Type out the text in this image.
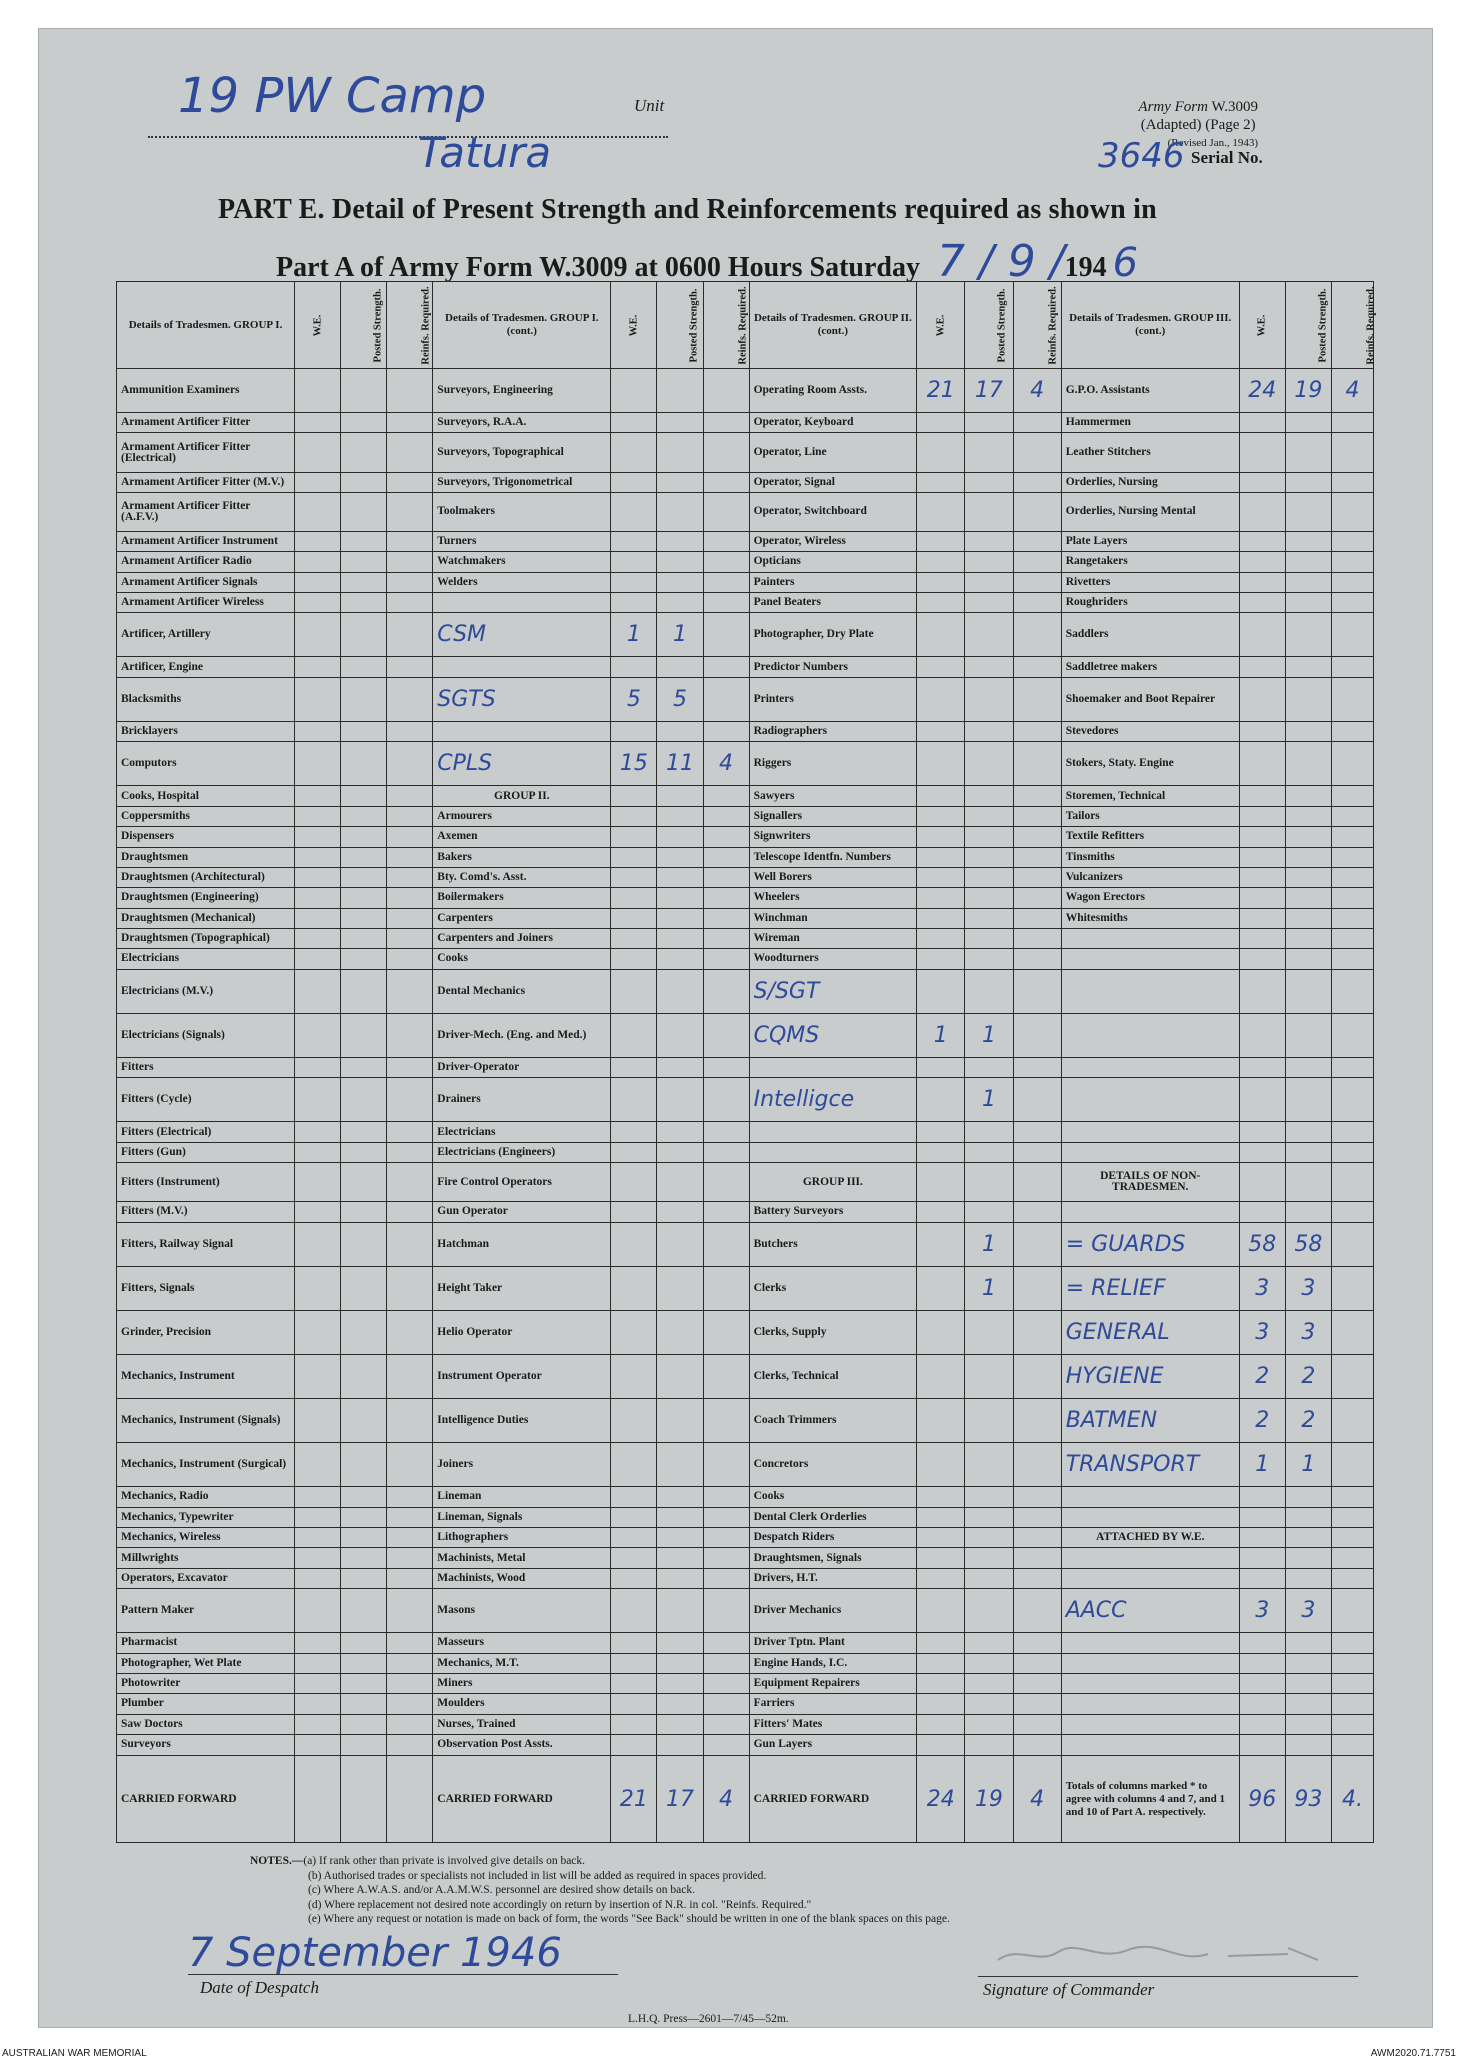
19 PW Camp	Unit
Tatura
Army Form W.3009
(Adapted) (Page 2)
(Revised Jan., 1943)
3646 Serial No.
PART E. Detail of Present Strength and Reinforcements required as shown in
Part A of Army Form W.3009 at 0600 Hours Saturday 7 / 9 /194 6
Details of Tradesmen. GROUP I.	W.E.	Posted Strength.	Reinfs. Required.	Details of Tradesmen. GROUP I. (cont.)	W.E.	Posted Strength.	Reinfs. Required.	Details of Tradesmen. GROUP II. (cont.)	W.E.	Posted Strength.	Reinfs. Required.	Details of Tradesmen. GROUP III. (cont.)	W.E.	Posted Strength.	Reinfs. Required.
Ammunition Examiners				Surveyors, Engineering				Operating Room Assts.	21	17	4	G.P.O. Assistants	24	19	4
Armament Artificer Fitter				Surveyors, R.A.A.				Operator, Keyboard				Hammermen			
Armament Artificer Fitter (Electrical)				Surveyors, Topographical				Operator, Line				Leather Stitchers			
Armament Artificer Fitter (M.V.)				Surveyors, Trigonometrical				Operator, Signal				Orderlies, Nursing			
Armament Artificer Fitter (A.F.V.)				Toolmakers				Operator, Switchboard				Orderlies, Nursing Mental			
Armament Artificer Instrument				Turners				Operator, Wireless				Plate Layers			
Armament Artificer Radio				Watchmakers				Opticians				Rangetakers			
Armament Artificer Signals				Welders				Painters				Rivetters			
Armament Artificer Wireless								Panel Beaters				Roughriders			
Artificer, Artillery				CSM	1	1		Photographer, Dry Plate				Saddlers			
Artificer, Engine								Predictor Numbers				Saddletree makers			
Blacksmiths				SGTS	5	5		Printers				Shoemaker and Boot Repairer			
Bricklayers								Radiographers				Stevedores			
Computors				CPLS	15	11	4	Riggers				Stokers, Staty. Engine			
Cooks, Hospital				GROUP II.				Sawyers				Storemen, Technical			
Coppersmiths				Armourers				Signallers				Tailors			
Dispensers				Axemen				Signwriters				Textile Refitters			
Draughtsmen				Bakers				Telescope Identfn. Numbers				Tinsmiths			
Draughtsmen (Architectural)				Bty. Comd's. Asst.				Well Borers				Vulcanizers			
Draughtsmen (Engineering)				Boilermakers				Wheelers				Wagon Erectors			
Draughtsmen (Mechanical)				Carpenters				Winchman				Whitesmiths			
Draughtsmen (Topographical)				Carpenters and Joiners				Wireman							
Electricians				Cooks				Woodturners							
Electricians (M.V.)				Dental Mechanics				S/SGT							
Electricians (Signals)				Driver-Mech. (Eng. and Med.)				CQMS	1	1					
Fitters				Driver-Operator											
Fitters (Cycle)				Drainers				Intelligce		1					
Fitters (Electrical)				Electricians											
Fitters (Gun)				Electricians (Engineers)											
Fitters (Instrument)				Fire Control Operators				GROUP III.				DETAILS OF NON-TRADESMEN.			
Fitters (M.V.)				Gun Operator				Battery Surveyors							
Fitters, Railway Signal				Hatchman				Butchers		1		= GUARDS	58	58	
Fitters, Signals				Height Taker				Clerks		1		= RELIEF	3	3	
Grinder, Precision				Helio Operator				Clerks, Supply				GENERAL	3	3	
Mechanics, Instrument				Instrument Operator				Clerks, Technical				HYGIENE	2	2	
Mechanics, Instrument (Signals)				Intelligence Duties				Coach Trimmers				BATMEN	2	2	
Mechanics, Instrument (Surgical)				Joiners				Concretors				TRANSPORT	1	1	
Mechanics, Radio				Lineman				Cooks							
Mechanics, Typewriter				Lineman, Signals				Dental Clerk Orderlies							
Mechanics, Wireless				Lithographers				Despatch Riders				ATTACHED BY W.E.			
Millwrights				Machinists, Metal				Draughtsmen, Signals							
Operators, Excavator				Machinists, Wood				Drivers, H.T.							
Pattern Maker				Masons				Driver Mechanics				AACC	3	3	
Pharmacist				Masseurs				Driver Tptn. Plant							
Photographer, Wet Plate				Mechanics, M.T.				Engine Hands, I.C.							
Photowriter				Miners				Equipment Repairers							
Plumber				Moulders				Farriers							
Saw Doctors				Nurses, Trained				Fitters' Mates							
Surveyors				Observation Post Assts.				Gun Layers							
CARRIED FORWARD				CARRIED FORWARD	21	17	4	CARRIED FORWARD	24	19	4	Totals of columns marked * to agree with columns 4 and 7, and 1 and 10 of Part A. respectively.	96	93	4.
NOTES.—(a) If rank other than private is involved give details on back.
(b) Authorised trades or specialists not included in list will be added as required in spaces provided.
(c) Where A.W.A.S. and/or A.A.M.W.S. personnel are desired show details on back.
(d) Where replacement not desired note accordingly on return by insertion of N.R. in col. "Reinfs. Required."
(e) Where any request or notation is made on back of form, the words "See Back" should be written in one of the blank spaces on this page.
7 September 1946
Date of Despatch	Signature of Commander
L.H.Q. Press—2601—7/45—52m.
AUSTRALIAN WAR MEMORIAL	AWM2020.71.7751
